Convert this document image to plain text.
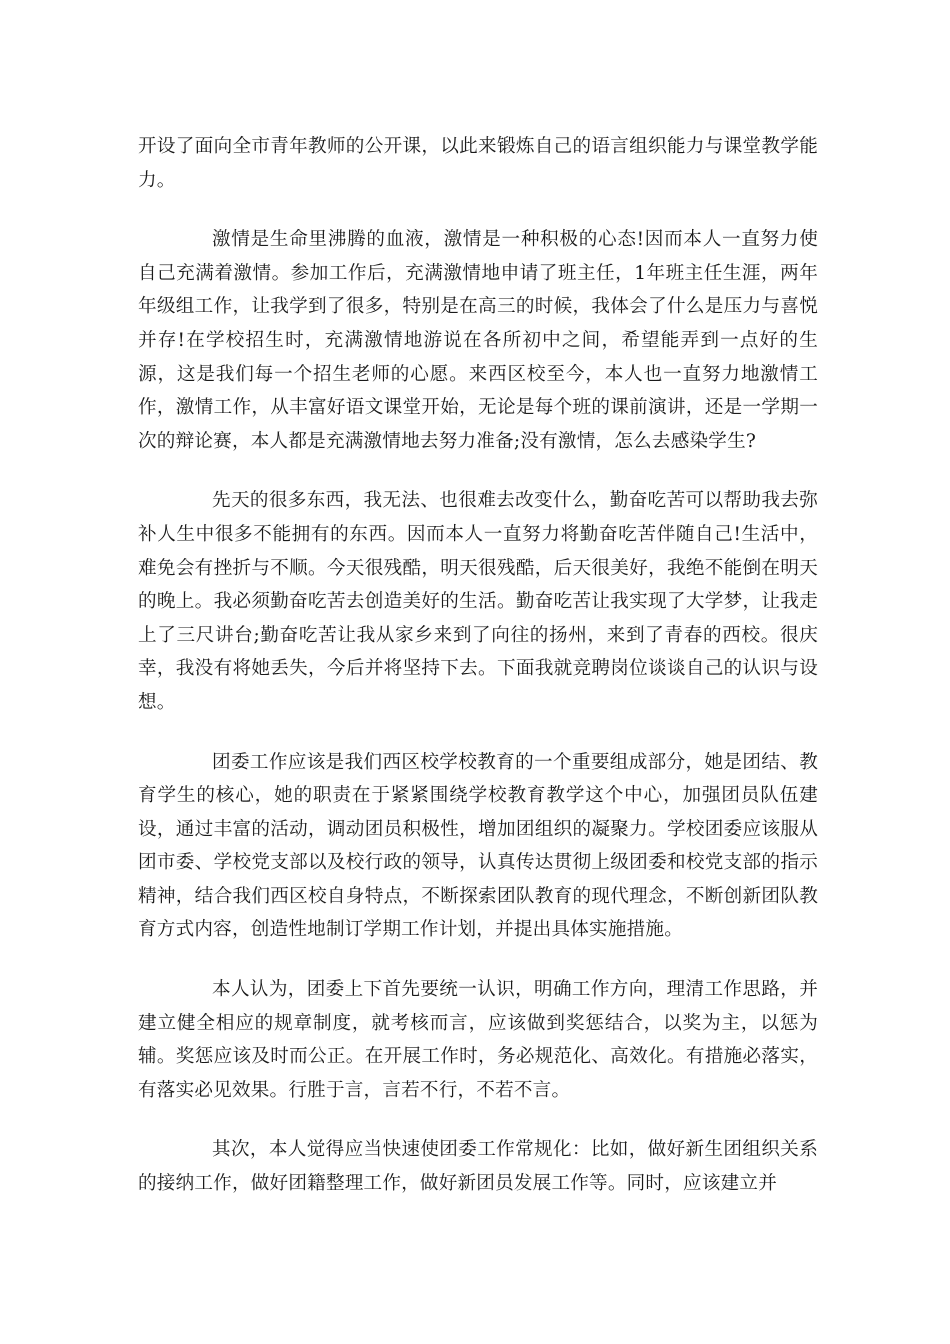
开设了面向全市青年教师的公开课，以此来锻炼自己的语言组织能力与课堂教学能力。

激情是生命里沸腾的血液，激情是一种积极的心态!因而本人一直努力使自己充满着激情。参加工作后，充满激情地申请了班主任，1年班主任生涯，两年年级组工作，让我学到了很多，特别是在高三的时候，我体会了什么是压力与喜悦并存!在学校招生时，充满激情地游说在各所初中之间，希望能弄到一点好的生源，这是我们每一个招生老师的心愿。来西区校至今，本人也一直努力地激情工作，激情工作，从丰富好语文课堂开始，无论是每个班的课前演讲，还是一学期一次的辩论赛，本人都是充满激情地去努力准备;没有激情，怎么去感染学生?

先天的很多东西，我无法、也很难去改变什么，勤奋吃苦可以帮助我去弥补人生中很多不能拥有的东西。因而本人一直努力将勤奋吃苦伴随自己!生活中，难免会有挫折与不顺。今天很残酷，明天很残酷，后天很美好，我绝不能倒在明天的晚上。我必须勤奋吃苦去创造美好的生活。勤奋吃苦让我实现了大学梦，让我走上了三尺讲台;勤奋吃苦让我从家乡来到了向往的扬州，来到了青春的西校。很庆幸，我没有将她丢失，今后并将坚持下去。下面我就竞聘岗位谈谈自己的认识与设想。

团委工作应该是我们西区校学校教育的一个重要组成部分，她是团结、教育学生的核心，她的职责在于紧紧围绕学校教育教学这个中心，加强团员队伍建设，通过丰富的活动，调动团员积极性，增加团组织的凝聚力。学校团委应该服从团市委、学校党支部以及校行政的领导，认真传达贯彻上级团委和校党支部的指示精神，结合我们西区校自身特点，不断探索团队教育的现代理念，不断创新团队教育方式内容，创造性地制订学期工作计划，并提出具体实施措施。

本人认为，团委上下首先要统一认识，明确工作方向，理清工作思路，并建立健全相应的规章制度，就考核而言，应该做到奖惩结合，以奖为主，以惩为辅。奖惩应该及时而公正。在开展工作时，务必规范化、高效化。有措施必落实，有落实必见效果。行胜于言，言若不行，不若不言。

其次，本人觉得应当快速使团委工作常规化：比如，做好新生团组织关系的接纳工作，做好团籍整理工作，做好新团员发展工作等。同时，应该建立并
